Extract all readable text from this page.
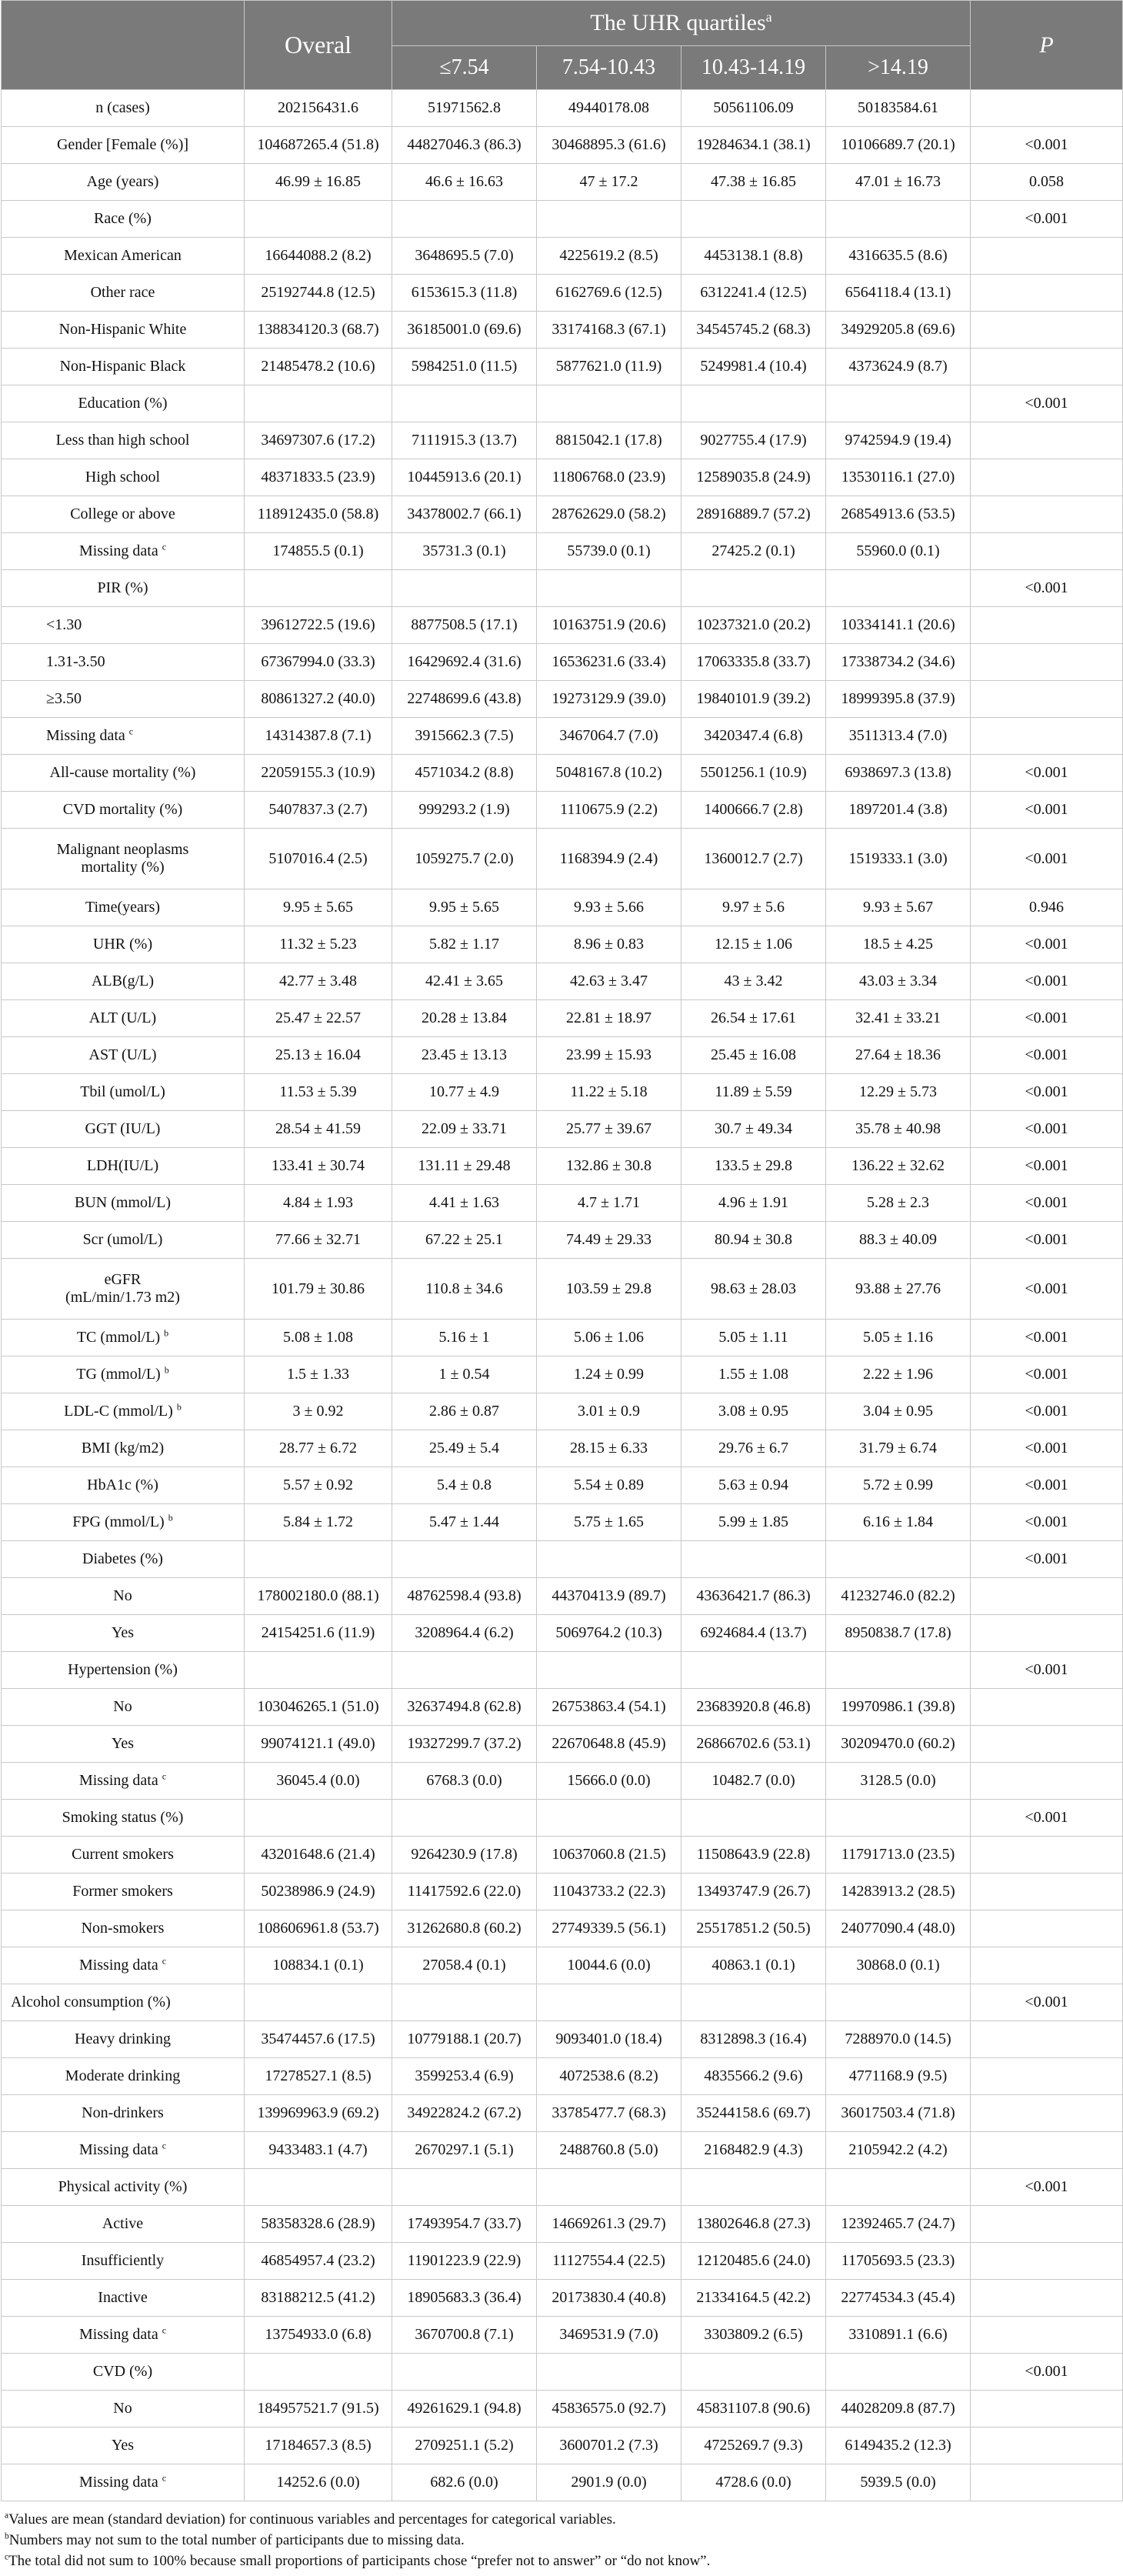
	Overal	The UHR quartiles$^a$				P
		≤7.54	7.54-10.43	10.43-14.19	>14.19	
n (cases)	202156431.6	51971562.8	49440178.08	50561106.09	50183584.61	
Gender [Female (%)]	104687265.4 (51.8)	44827046.3 (86.3)	30468895.3 (61.6)	19284634.1 (38.1)	10106689.7 (20.1)	<0.001
Age (years)	46.99 ± 16.85	46.6 ± 16.63	47 ± 17.2	47.38 ± 16.85	47.01 ± 16.73	0.058
Race (%)						<0.001
Mexican American	16644088.2 (8.2)	3648695.5 (7.0)	4225619.2 (8.5)	4453138.1 (8.8)	4316635.5 (8.6)	
Other race	25192744.8 (12.5)	6153615.3 (11.8)	6162769.6 (12.5)	6312241.4 (12.5)	6564118.4 (13.1)	
Non-Hispanic White	138834120.3 (68.7)	36185001.0 (69.6)	33174168.3 (67.1)	34545745.2 (68.3)	34929205.8 (69.6)	
Non-Hispanic Black	21485478.2 (10.6)	5984251.0 (11.5)	5877621.0 (11.9)	5249981.4 (10.4)	4373624.9 (8.7)	
Education (%)						<0.001
Less than high school	34697307.6 (17.2)	7111915.3 (13.7)	8815042.1 (17.8)	9027755.4 (17.9)	9742594.9 (19.4)	
High school	48371833.5 (23.9)	10445913.6 (20.1)	11806768.0 (23.9)	12589035.8 (24.9)	13530116.1 (27.0)	
College or above	118912435.0 (58.8)	34378002.7 (66.1)	28762629.0 (58.2)	28916889.7 (57.2)	26854913.6 (53.5)	
Missing data $^c$	174855.5 (0.1)	35731.3 (0.1)	55739.0 (0.1)	27425.2 (0.1)	55960.0 (0.1)	
PIR (%)						<0.001
<1.30	39612722.5 (19.6)	8877508.5 (17.1)	10163751.9 (20.6)	10237321.0 (20.2)	10334141.1 (20.6)	
1.31-3.50	67367994.0 (33.3)	16429692.4 (31.6)	16536231.6 (33.4)	17063335.8 (33.7)	17338734.2 (34.6)	
≥3.50	80861327.2 (40.0)	22748699.6 (43.8)	19273129.9 (39.0)	19840101.9 (39.2)	18999395.8 (37.9)	
Missing data $^c$	14314387.8 (7.1)	3915662.3 (7.5)	3467064.7 (7.0)	3420347.4 (6.8)	3511313.4 (7.0)	
All-cause mortality (%)	22059155.3 (10.9)	4571034.2 (8.8)	5048167.8 (10.2)	5501256.1 (10.9)	6938697.3 (13.8)	<0.001
CVD mortality (%)	5407837.3 (2.7)	999293.2 (1.9)	1110675.9 (2.2)	1400666.7 (2.8)	1897201.4 (3.8)	<0.001
Malignant neoplasms
mortality (%)	5107016.4 (2.5)	1059275.7 (2.0)	1168394.9 (2.4)	1360012.7 (2.7)	1519333.1 (3.0)	<0.001
Time(years)	9.95 ± 5.65	9.95 ± 5.65	9.93 ± 5.66	9.97 ± 5.6	9.93 ± 5.67	0.946
UHR (%)	11.32 ± 5.23	5.82 ± 1.17	8.96 ± 0.83	12.15 ± 1.06	18.5 ± 4.25	<0.001
ALB(g/L)	42.77 ± 3.48	42.41 ± 3.65	42.63 ± 3.47	43 ± 3.42	43.03 ± 3.34	<0.001
ALT (U/L)	25.47 ± 22.57	20.28 ± 13.84	22.81 ± 18.97	26.54 ± 17.61	32.41 ± 33.21	<0.001
AST (U/L)	25.13 ± 16.04	23.45 ± 13.13	23.99 ± 15.93	25.45 ± 16.08	27.64 ± 18.36	<0.001
Tbil (umol/L)	11.53 ± 5.39	10.77 ± 4.9	11.22 ± 5.18	11.89 ± 5.59	12.29 ± 5.73	<0.001
GGT (IU/L)	28.54 ± 41.59	22.09 ± 33.71	25.77 ± 39.67	30.7 ± 49.34	35.78 ± 40.98	<0.001
LDH(IU/L)	133.41 ± 30.74	131.11 ± 29.48	132.86 ± 30.8	133.5 ± 29.8	136.22 ± 32.62	<0.001
BUN (mmol/L)	4.84 ± 1.93	4.41 ± 1.63	4.7 ± 1.71	4.96 ± 1.91	5.28 ± 2.3	<0.001
Scr (umol/L)	77.66 ± 32.71	67.22 ± 25.1	74.49 ± 29.33	80.94 ± 30.8	88.3 ± 40.09	<0.001
eGFR
(mL/min/1.73 m2)	101.79 ± 30.86	110.8 ± 34.6	103.59 ± 29.8	98.63 ± 28.03	93.88 ± 27.76	<0.001
TC (mmol/L) $^b$	5.08 ± 1.08	5.16 ± 1	5.06 ± 1.06	5.05 ± 1.11	5.05 ± 1.16	<0.001
TG (mmol/L) $^b$	1.5 ± 1.33	1 ± 0.54	1.24 ± 0.99	1.55 ± 1.08	2.22 ± 1.96	<0.001
LDL-C (mmol/L) $^b$	3 ± 0.92	2.86 ± 0.87	3.01 ± 0.9	3.08 ± 0.95	3.04 ± 0.95	<0.001
BMI (kg/m2)	28.77 ± 6.72	25.49 ± 5.4	28.15 ± 6.33	29.76 ± 6.7	31.79 ± 6.74	<0.001
HbA1c (%)	5.57 ± 0.92	5.4 ± 0.8	5.54 ± 0.89	5.63 ± 0.94	5.72 ± 0.99	<0.001
FPG (mmol/L) $^b$	5.84 ± 1.72	5.47 ± 1.44	5.75 ± 1.65	5.99 ± 1.85	6.16 ± 1.84	<0.001
Diabetes (%)						<0.001
No	178002180.0 (88.1)	48762598.4 (93.8)	44370413.9 (89.7)	43636421.7 (86.3)	41232746.0 (82.2)	
Yes	24154251.6 (11.9)	3208964.4 (6.2)	5069764.2 (10.3)	6924684.4 (13.7)	8950838.7 (17.8)	
Hypertension (%)						<0.001
No	103046265.1 (51.0)	32637494.8 (62.8)	26753863.4 (54.1)	23683920.8 (46.8)	19970986.1 (39.8)	
Yes	99074121.1 (49.0)	19327299.7 (37.2)	22670648.8 (45.9)	26866702.6 (53.1)	30209470.0 (60.2)	
Missing data $^c$	36045.4 (0.0)	6768.3 (0.0)	15666.0 (0.0)	10482.7 (0.0)	3128.5 (0.0)	
Smoking status (%)						<0.001
Current smokers	43201648.6 (21.4)	9264230.9 (17.8)	10637060.8 (21.5)	11508643.9 (22.8)	11791713.0 (23.5)	
Former smokers	50238986.9 (24.9)	11417592.6 (22.0)	11043733.2 (22.3)	13493747.9 (26.7)	14283913.2 (28.5)	
Non-smokers	108606961.8 (53.7)	31262680.8 (60.2)	27749339.5 (56.1)	25517851.2 (50.5)	24077090.4 (48.0)	
Missing data $^c$	108834.1 (0.1)	27058.4 (0.1)	10044.6 (0.0)	40863.1 (0.1)	30868.0 (0.1)	
Alcohol consumption (%)						<0.001
Heavy drinking	35474457.6 (17.5)	10779188.1 (20.7)	9093401.0 (18.4)	8312898.3 (16.4)	7288970.0 (14.5)	
Moderate drinking	17278527.1 (8.5)	3599253.4 (6.9)	4072538.6 (8.2)	4835566.2 (9.6)	4771168.9 (9.5)	
Non-drinkers	139969963.9 (69.2)	34922824.2 (67.2)	33785477.7 (68.3)	35244158.6 (69.7)	36017503.4 (71.8)	
Missing data $^c$	9433483.1 (4.7)	2670297.1 (5.1)	2488760.8 (5.0)	2168482.9 (4.3)	2105942.2 (4.2)	
Physical activity (%)						<0.001
Active	58358328.6 (28.9)	17493954.7 (33.7)	14669261.3 (29.7)	13802646.8 (27.3)	12392465.7 (24.7)	
Insufficiently	46854957.4 (23.2)	11901223.9 (22.9)	11127554.4 (22.5)	12120485.6 (24.0)	11705693.5 (23.3)	
Inactive	83188212.5 (41.2)	18905683.3 (36.4)	20173830.4 (40.8)	21334164.5 (42.2)	22774534.3 (45.4)	
Missing data $^c$	13754933.0 (6.8)	3670700.8 (7.1)	3469531.9 (7.0)	3303809.2 (6.5)	3310891.1 (6.6)	
CVD (%)						<0.001
No	184957521.7 (91.5)	49261629.1 (94.8)	45836575.0 (92.7)	45831107.8 (90.6)	44028209.8 (87.7)	
Yes	17184657.3 (8.5)	2709251.1 (5.2)	3600701.2 (7.3)	4725269.7 (9.3)	6149435.2 (12.3)	
Missing data $^c$	14252.6 (0.0)	682.6 (0.0)	2901.9 (0.0)	4728.6 (0.0)	5939.5 (0.0)	
$^a$Values are mean (standard deviation) for continuous variables and percentages for categorical variables.
$^b$Numbers may not sum to the total number of participants due to missing data.
$^c$The total did not sum to 100% because small proportions of participants chose “prefer not to answer” or “do not know”.
